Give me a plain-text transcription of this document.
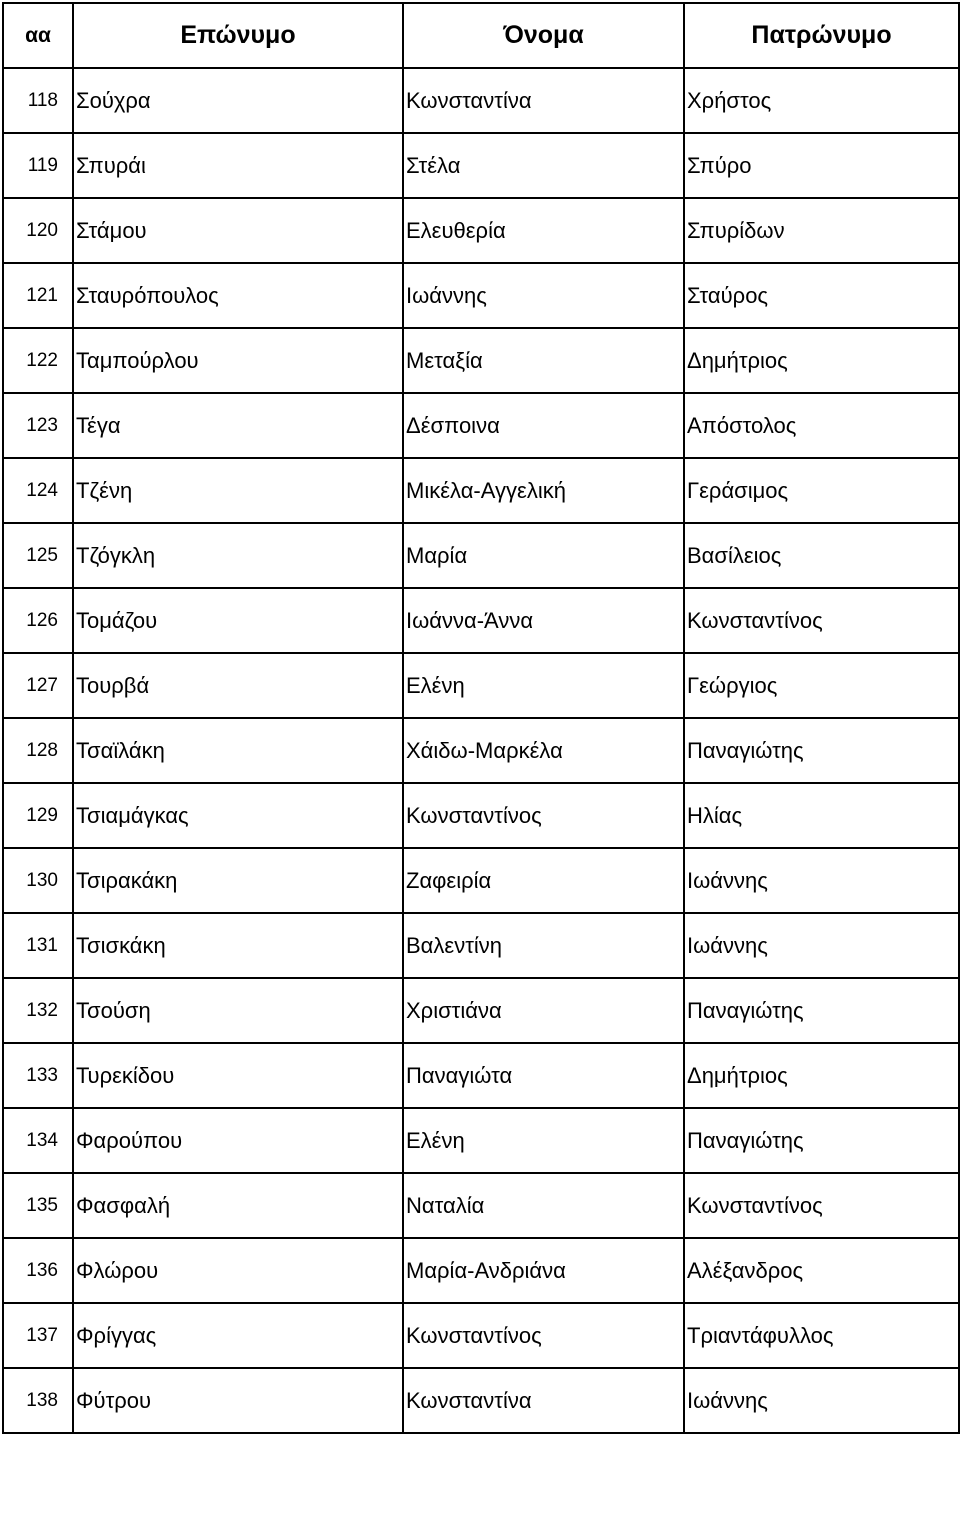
αα	Επώνυμο	Όνομα	Πατρώνυμο
118	Σούχρα	Κωνσταντίνα	Χρήστος
119	Σπυράι	Στέλα	Σπύρο
120	Στάμου	Ελευθερία	Σπυρίδων
121	Σταυρόπουλος	Ιωάννης	Σταύρος
122	Ταμπούρλου	Μεταξία	Δημήτριος
123	Τέγα	Δέσποινα	Απόστολος
124	Τζένη	Μικέλα-Αγγελική	Γεράσιμος
125	Τζόγκλη	Μαρία	Βασίλειος
126	Τομάζου	Ιωάννα-Άννα	Κωνσταντίνος
127	Τουρβά	Ελένη	Γεώργιος
128	Τσαϊλάκη	Χάιδω-Μαρκέλα	Παναγιώτης
129	Τσιαμάγκας	Κωνσταντίνος	Ηλίας
130	Τσιρακάκη	Ζαφειρία	Ιωάννης
131	Τσισκάκη	Βαλεντίνη	Ιωάννης
132	Τσούση	Χριστιάνα	Παναγιώτης
133	Τυρεκίδου	Παναγιώτα	Δημήτριος
134	Φαρούπου	Ελένη	Παναγιώτης
135	Φασφαλή	Ναταλία	Κωνσταντίνος
136	Φλώρου	Μαρία-Ανδριάνα	Αλέξανδρος
137	Φρίγγας	Κωνσταντίνος	Τριαντάφυλλος
138	Φύτρου	Κωνσταντίνα	Ιωάννης
